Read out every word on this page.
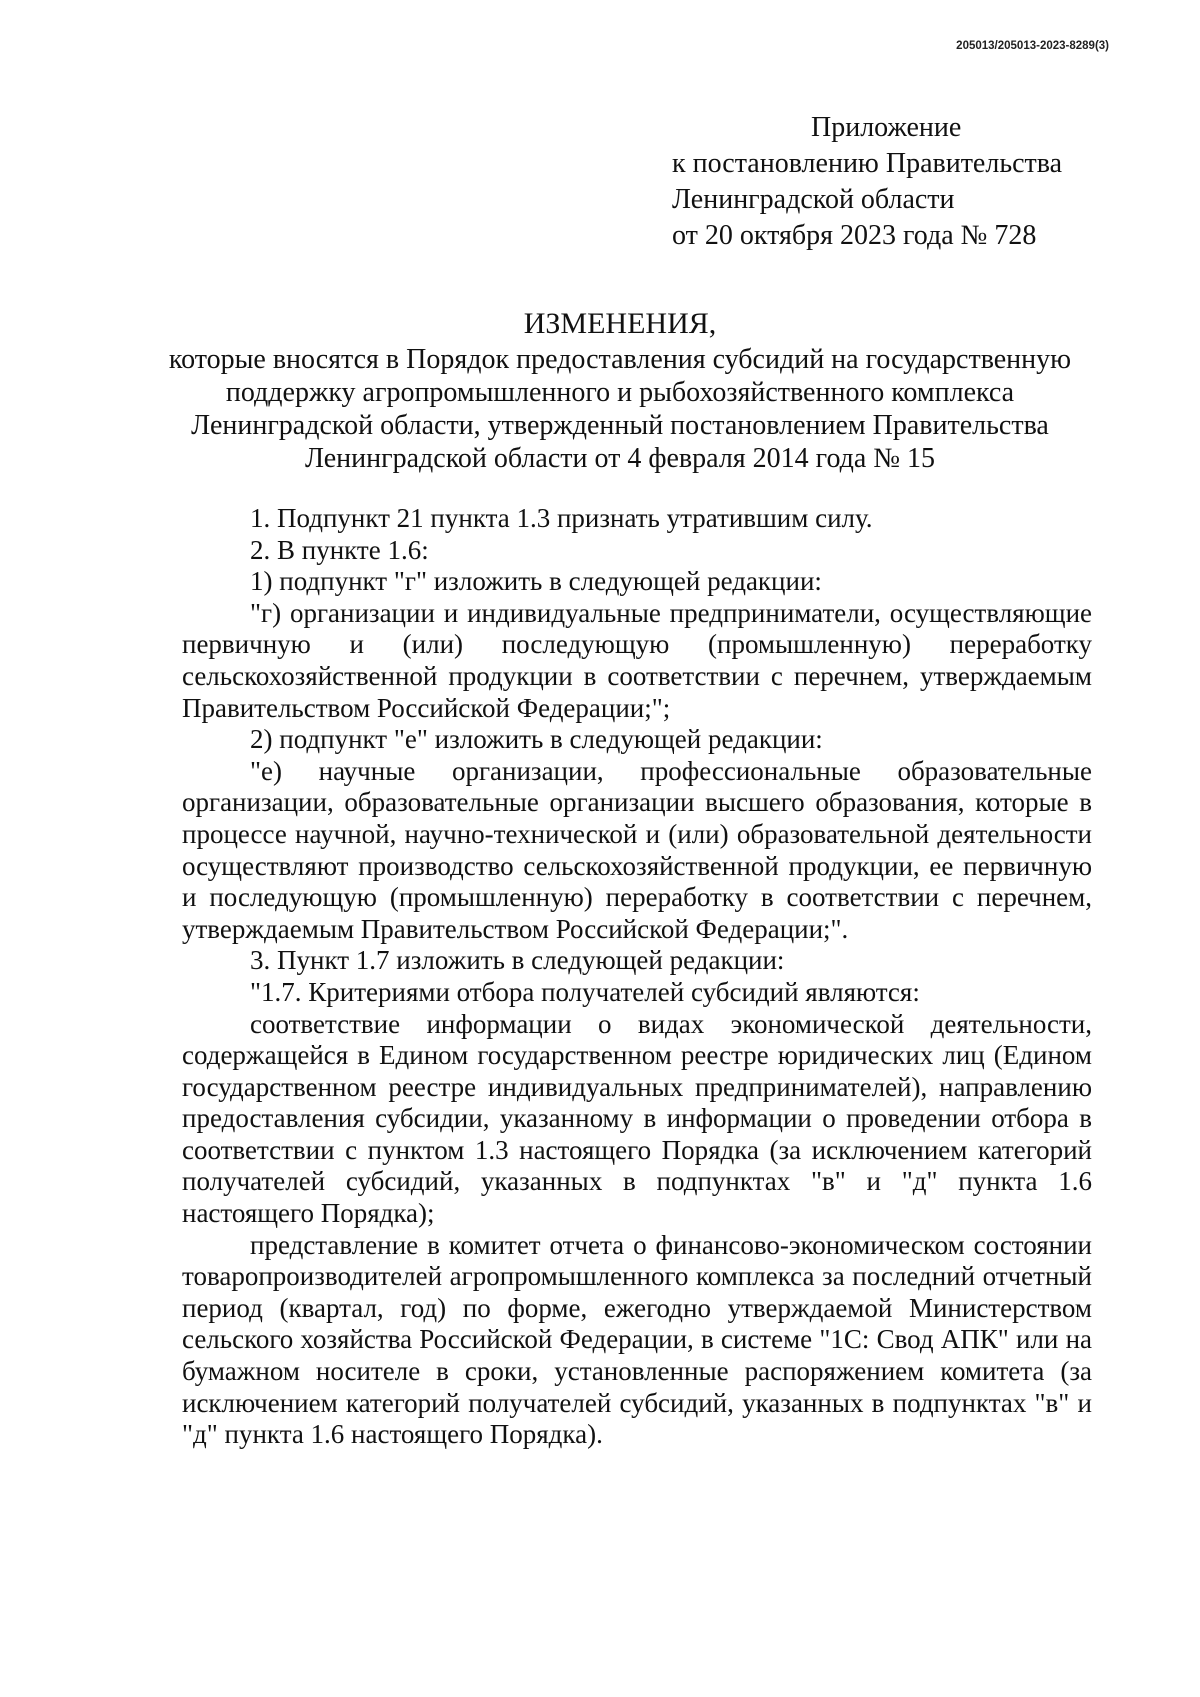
205013/205013-2023-8289(3)
Приложение
к постановлению Правительства
Ленинградской области
от 20 октября 2023 года № 728
ИЗМЕНЕНИЯ,
которые вносятся в Порядок предоставления субсидий на государственную
поддержку агропромышленного и рыбохозяйственного комплекса
Ленинградской области, утвержденный постановлением Правительства
Ленинградской области от 4 февраля 2014 года № 15

1. Подпункт 21 пункта 1.3 признать утратившим силу.

2. В пункте 1.6:

1) подпункт "г" изложить в следующей редакции:

"г) организации и индивидуальные предприниматели, осуществляющие первичную и (или) последующую (промышленную) переработку сельскохозяйственной продукции в соответствии с перечнем, утверждаемым Правительством Российской Федерации;";

2) подпункт "е" изложить в следующей редакции:

"е) научные организации, профессиональные образовательные организации, образовательные организации высшего образования, которые в процессе научной, научно-технической и (или) образовательной деятельности осуществляют производство сельскохозяйственной продукции, ее первичную и последующую (промышленную) переработку в соответствии с перечнем, утверждаемым Правительством Российской Федерации;".

3. Пункт 1.7 изложить в следующей редакции:

"1.7. Критериями отбора получателей субсидий являются:

соответствие информации о видах экономической деятельности, содержащейся в Едином государственном реестре юридических лиц (Едином государственном реестре индивидуальных предпринимателей), направлению предоставления субсидии, указанному в информации о проведении отбора в соответствии с пунктом 1.3 настоящего Порядка (за исключением категорий получателей субсидий, указанных в подпунктах "в" и "д" пункта 1.6 настоящего Порядка);

представление в комитет отчета о финансово-экономическом состоянии товаропроизводителей агропромышленного комплекса за последний отчетный период (квартал, год) по форме, ежегодно утверждаемой Министерством сельского хозяйства Российской Федерации, в системе "1С: Свод АПК" или на бумажном носителе в сроки, установленные распоряжением комитета (за исключением категорий получателей субсидий, указанных в подпунктах "в" и "д" пункта 1.6 настоящего Порядка).
